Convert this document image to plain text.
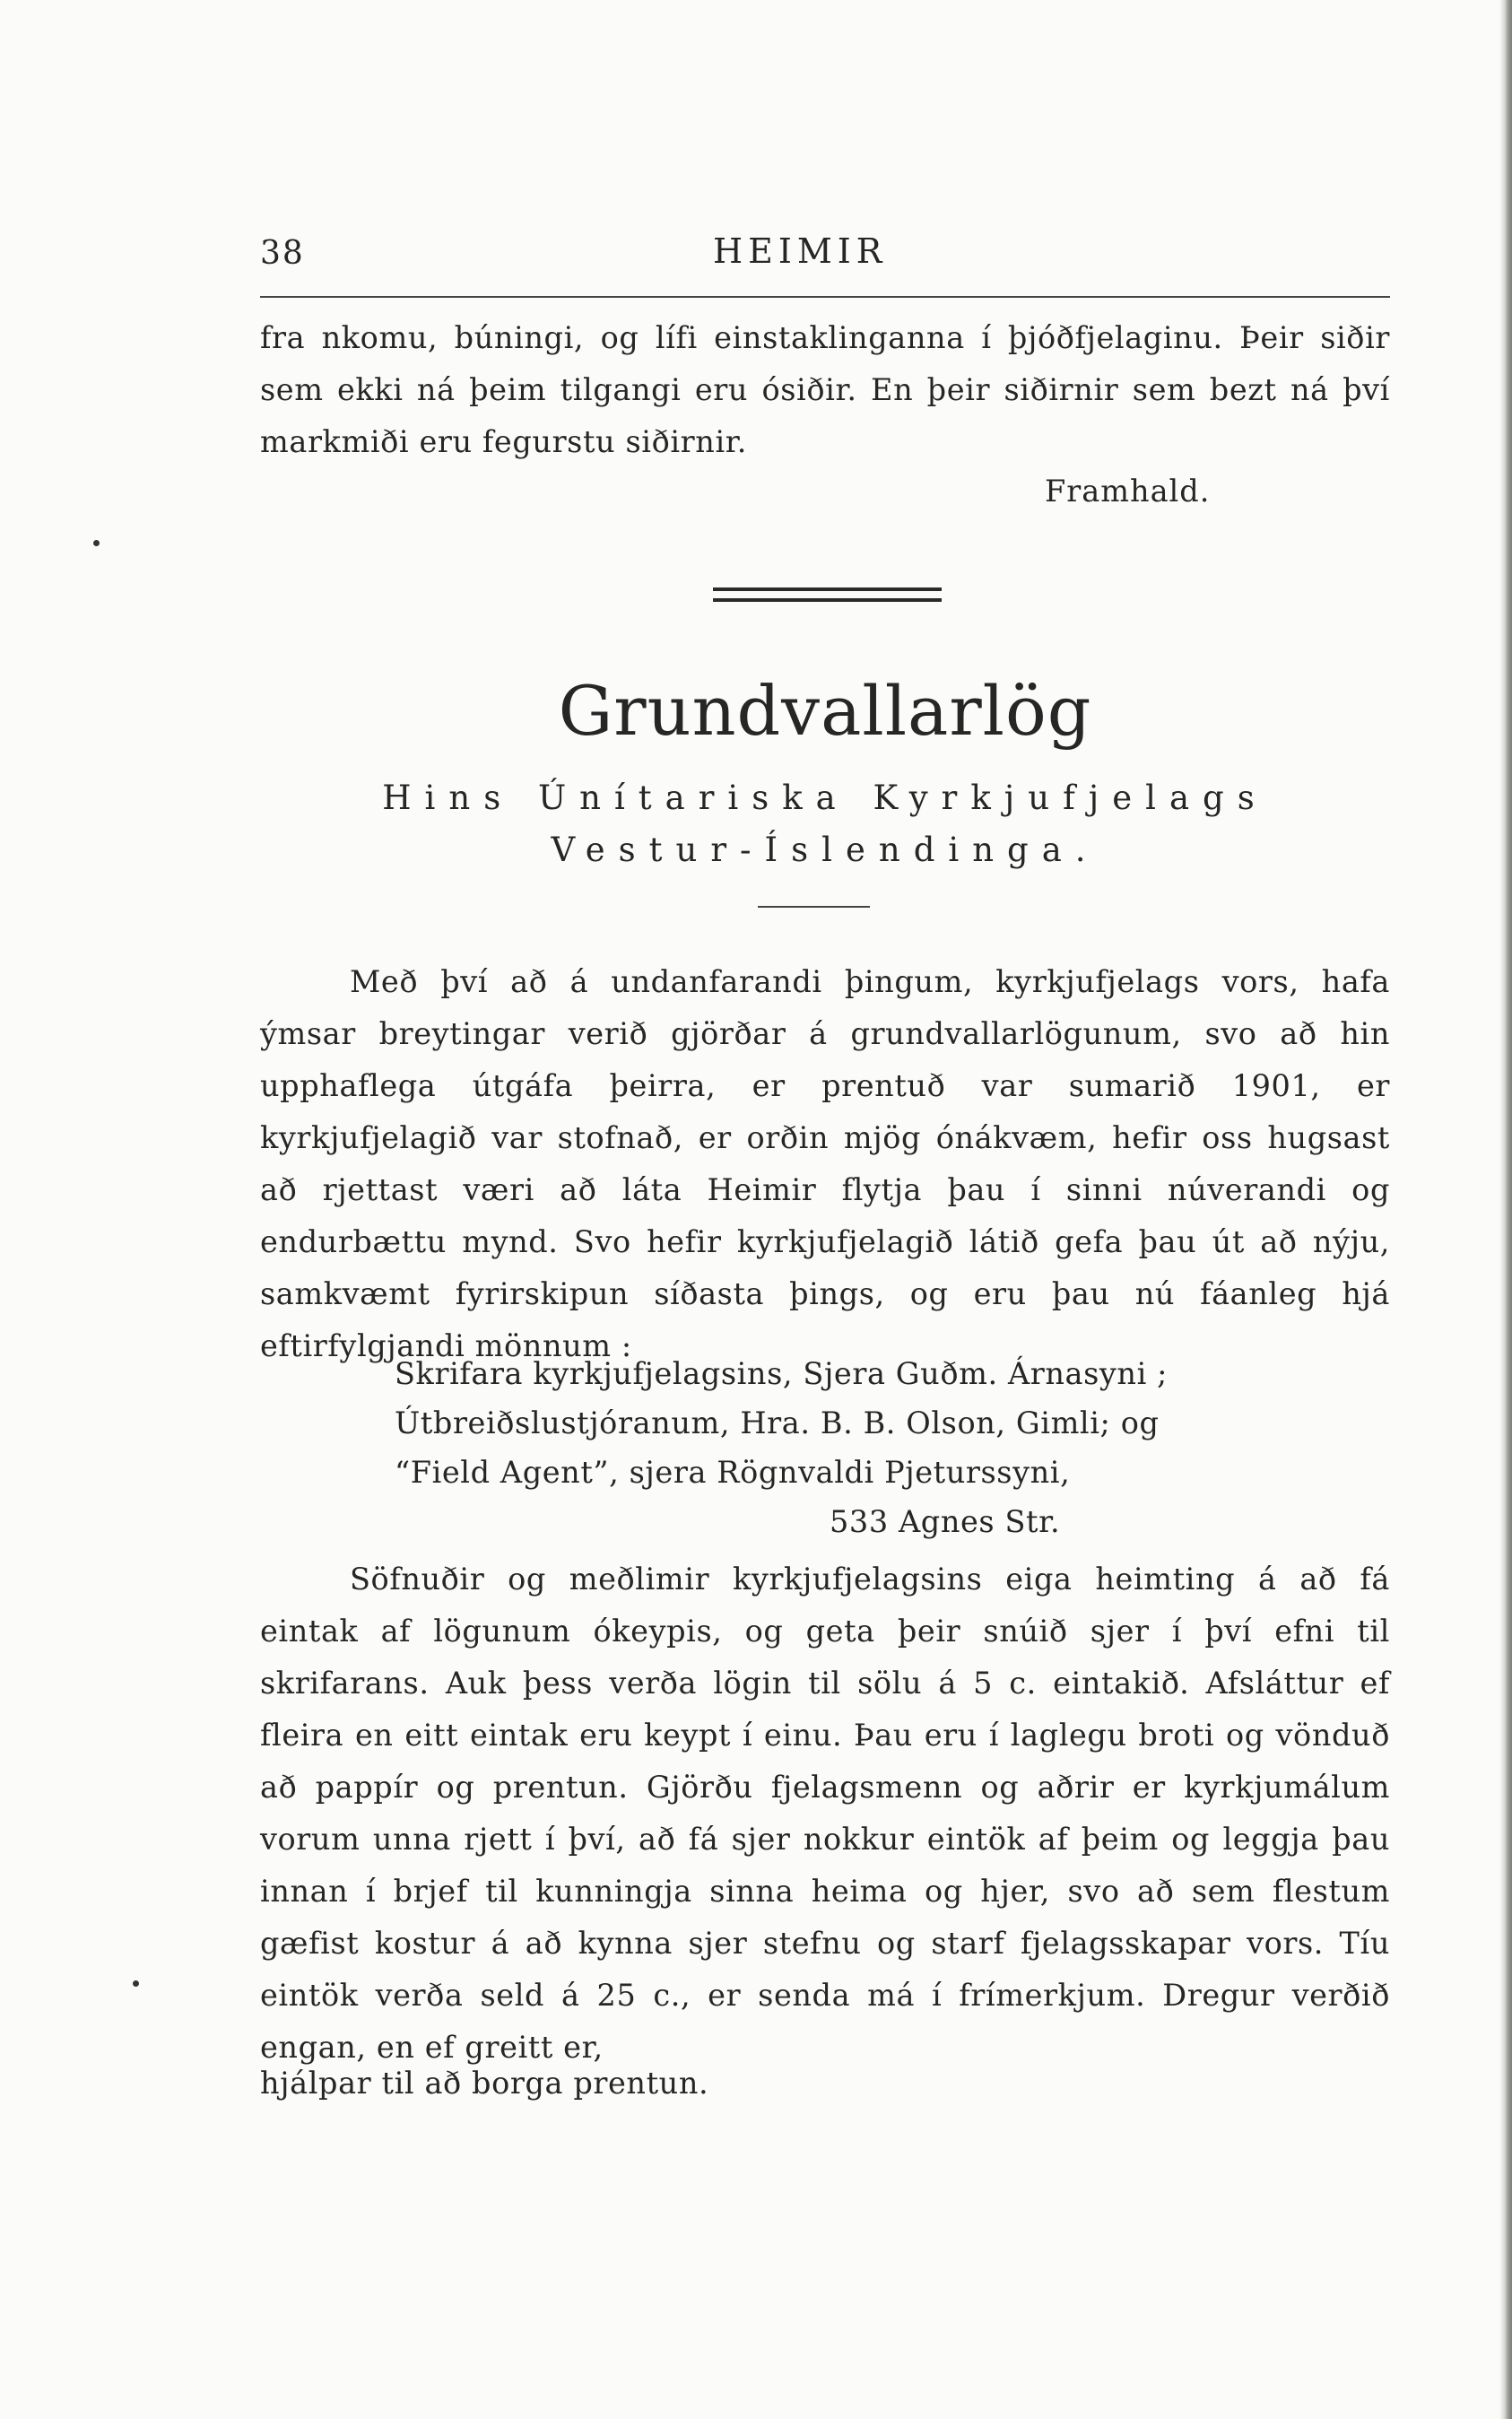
38	HEIMIR

fra nkomu, búningi, og lífi einstaklinganna í þjóðfjelaginu. Þeir siðir sem ekki ná þeim tilgangi eru ósiðir. En þeir siðirnir sem bezt ná því markmiði eru fegurstu siðirnir.

Framhald.
Grundvallarlög
Hins Únítariska Kyrkjufjelags
Vestur-Íslendinga.

Með því að á undanfarandi þingum, kyrkjufjelags vors, hafa ýmsar breytingar verið gjörðar á grundvallarlögunum, svo að hin upphaflega útgáfa þeirra, er prentuð var sumarið 1901, er kyrkjufjelagið var stofnað, er orðin mjög ónákvæm, hefir oss hugsast að rjettast væri að láta Heimir flytja þau í sinni núverandi og endurbættu mynd. Svo hefir kyrkjufjelagið látið gefa þau út að nýju, samkvæmt fyrirskipun síðasta þings, og eru þau nú fáanleg hjá eftirfylgjandi mönnum :

Skrifara kyrkjufjelagsins, Sjera Guðm. Árnasyni ;
Útbreiðslustjóranum, Hra. B. B. Olson, Gimli; og
“Field Agent”, sjera Rögnvaldi Pjeturssyni,
533 Agnes Str.

Söfnuðir og meðlimir kyrkjufjelagsins eiga heimting á að fá eintak af lögunum ókeypis, og geta þeir snúið sjer í því efni til skrifarans. Auk þess verða lögin til sölu á 5 c. eintakið. Afsláttur ef fleira en eitt eintak eru keypt í einu. Þau eru í laglegu broti og vönduð að pappír og prentun. Gjörðu fjelagsmenn og aðrir er kyrkjumálum vorum unna rjett í því, að fá sjer nokkur eintök af þeim og leggja þau innan í brjef til kunningja sinna heima og hjer, svo að sem flestum gæfist kostur á að kynna sjer stefnu og starf fjelagsskapar vors. Tíu eintök verða seld á 25 c., er senda má í frímerkjum. Dregur verðið engan, en ef greitt er,

hjálpar til að borga prentun.
